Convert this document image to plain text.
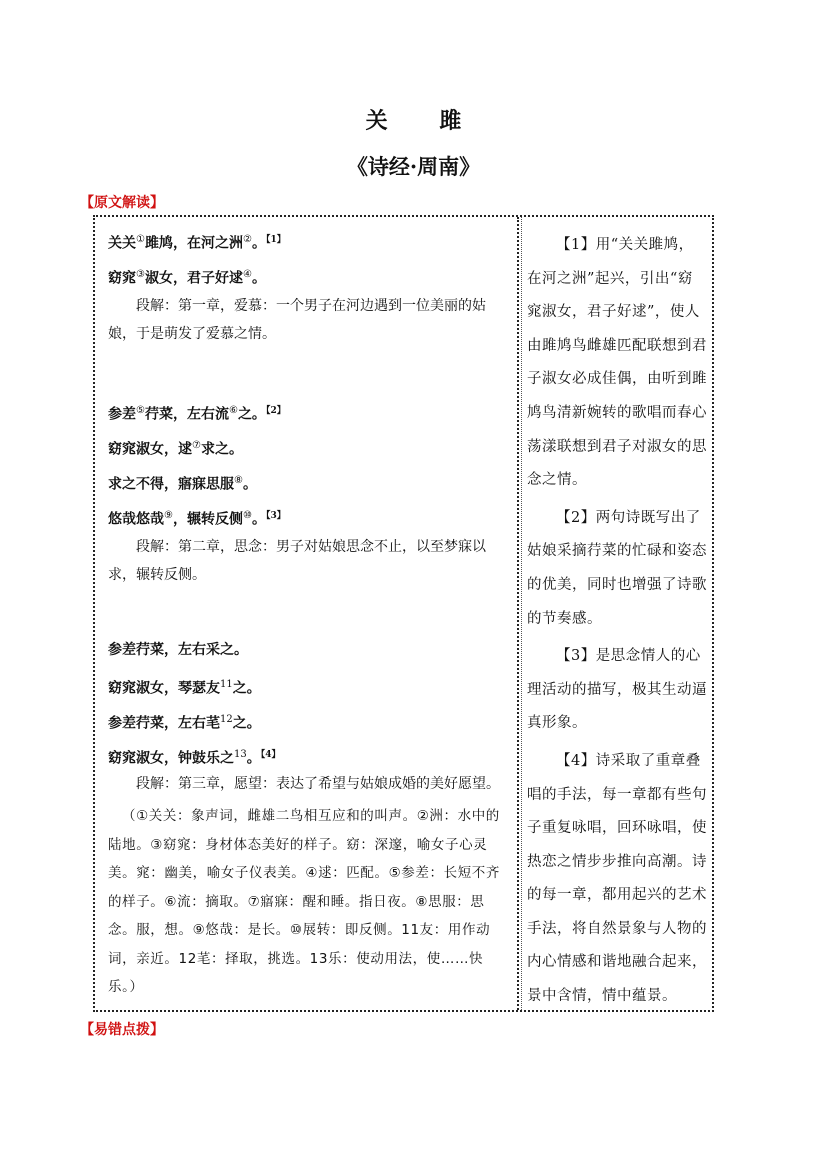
关 雎
《诗经·周南》
【原文解读】

关关①雎鸠，在河之洲②。$^{【1】}$

窈窕③淑女，君子好逑④。

段解：第一章，爱慕：一个男子在河边遇到一位美丽的姑娘，于是萌发了爱慕之情。

参差⑤荇菜，左右流⑥之。$^{【2】}$

窈窕淑女，逑⑦求之。

求之不得，寤寐思服⑧。

悠哉悠哉⑨，辗转反侧⑩。$^{【3】}$

段解：第二章，思念：男子对姑娘思念不止，以至梦寐以求，辗转反侧。

参差荇菜，左右采之。

窈窕淑女，琴瑟友$^{11}$之。

参差荇菜，左右芼$^{12}$之。

窈窕淑女，钟鼓乐之$^{13}$。$^{【4】}$

段解：第三章，愿望：表达了希望与姑娘成婚的美好愿望。

（①关关：象声词，雌雄二鸟相互应和的叫声。②洲：水中的陆地。③窈窕：身材体态美好的样子。窈：深邃，喻女子心灵美。窕：幽美，喻女子仪表美。④逑：匹配。⑤参差：长短不齐的样子。⑥流：摘取。⑦寤寐：醒和睡。指日夜。⑧思服：思念。服，想。⑨悠哉：是长。⑩展转：即反侧。11友：用作动词，亲近。12芼：择取，挑选。13乐：使动用法，使……快乐。）

【1】用“关关雎鸠，在河之洲”起兴，引出“窈窕淑女，君子好逑”，使人由雎鸠鸟雌雄匹配联想到君子淑女必成佳偶，由听到雎鸠鸟清新婉转的歌唱而春心荡漾联想到君子对淑女的思念之情。

【2】两句诗既写出了姑娘采摘荇菜的忙碌和姿态的优美，同时也增强了诗歌的节奏感。

【3】是思念情人的心理活动的描写，极其生动逼真形象。

【4】诗采取了重章叠唱的手法，每一章都有些句子重复咏唱，回环咏唱，使热恋之情步步推向高潮。诗的每一章，都用起兴的艺术手法，将自然景象与人物的内心情感和谐地融合起来，景中含情，情中蕴景。

【易错点拨】
